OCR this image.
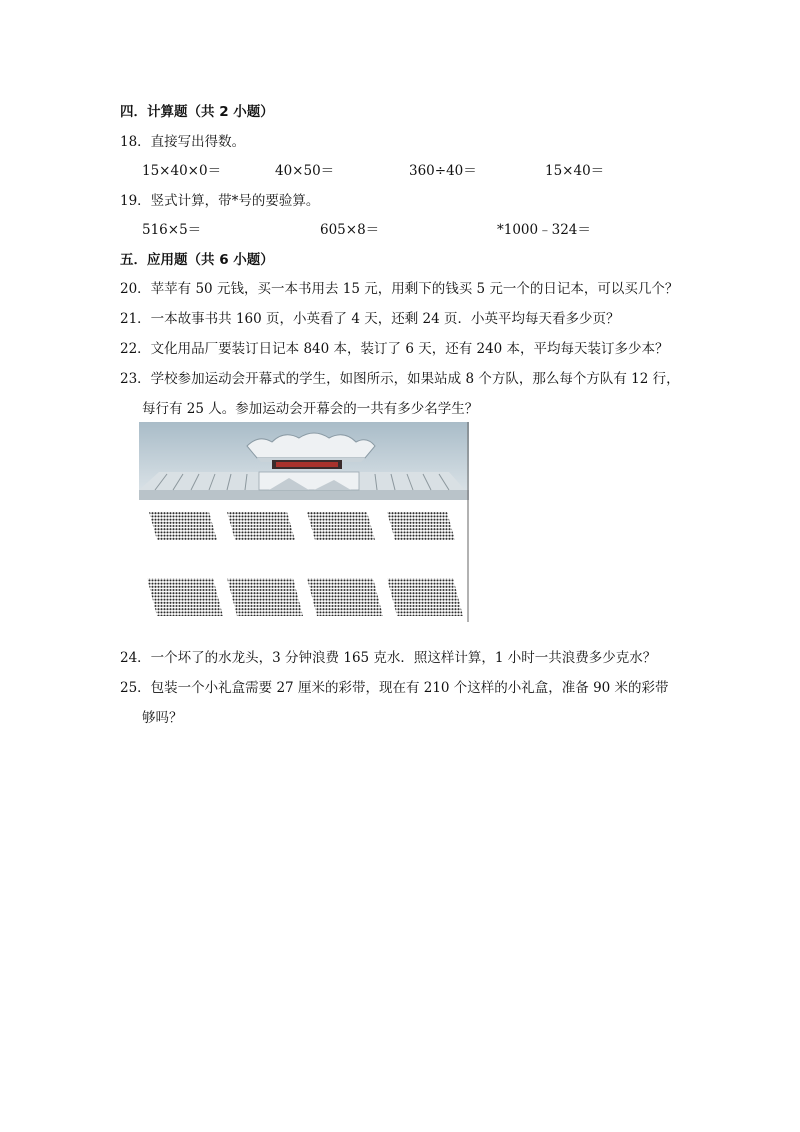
四．计算题（共 2 小题）
18．直接写出得数。
15×40×0＝	40×50＝	360÷40＝	15×40＝
19．竖式计算，带*号的要验算。
516×5＝	605×8＝	*1000﹣324＝
五．应用题（共 6 小题）
20．苹苹有 50 元钱，买一本书用去 15 元，用剩下的钱买 5 元一个的日记本，可以买几个？
21．一本故事书共 160 页，小英看了 4 天，还剩 24 页．小英平均每天看多少页？
22．文化用品厂要装订日记本 840 本，装订了 6 天，还有 240 本，平均每天装订多少本？
23．学校参加运动会开幕式的学生，如图所示，如果站成 8 个方队，那么每个方队有 12 行，
每行有 25 人。参加运动会开幕会的一共有多少名学生？
24．一个坏了的水龙头，3 分钟浪费 165 克水．照这样计算，1 小时一共浪费多少克水？
25．包装一个小礼盒需要 27 厘米的彩带，现在有 210 个这样的小礼盒，准备 90 米的彩带
够吗？
